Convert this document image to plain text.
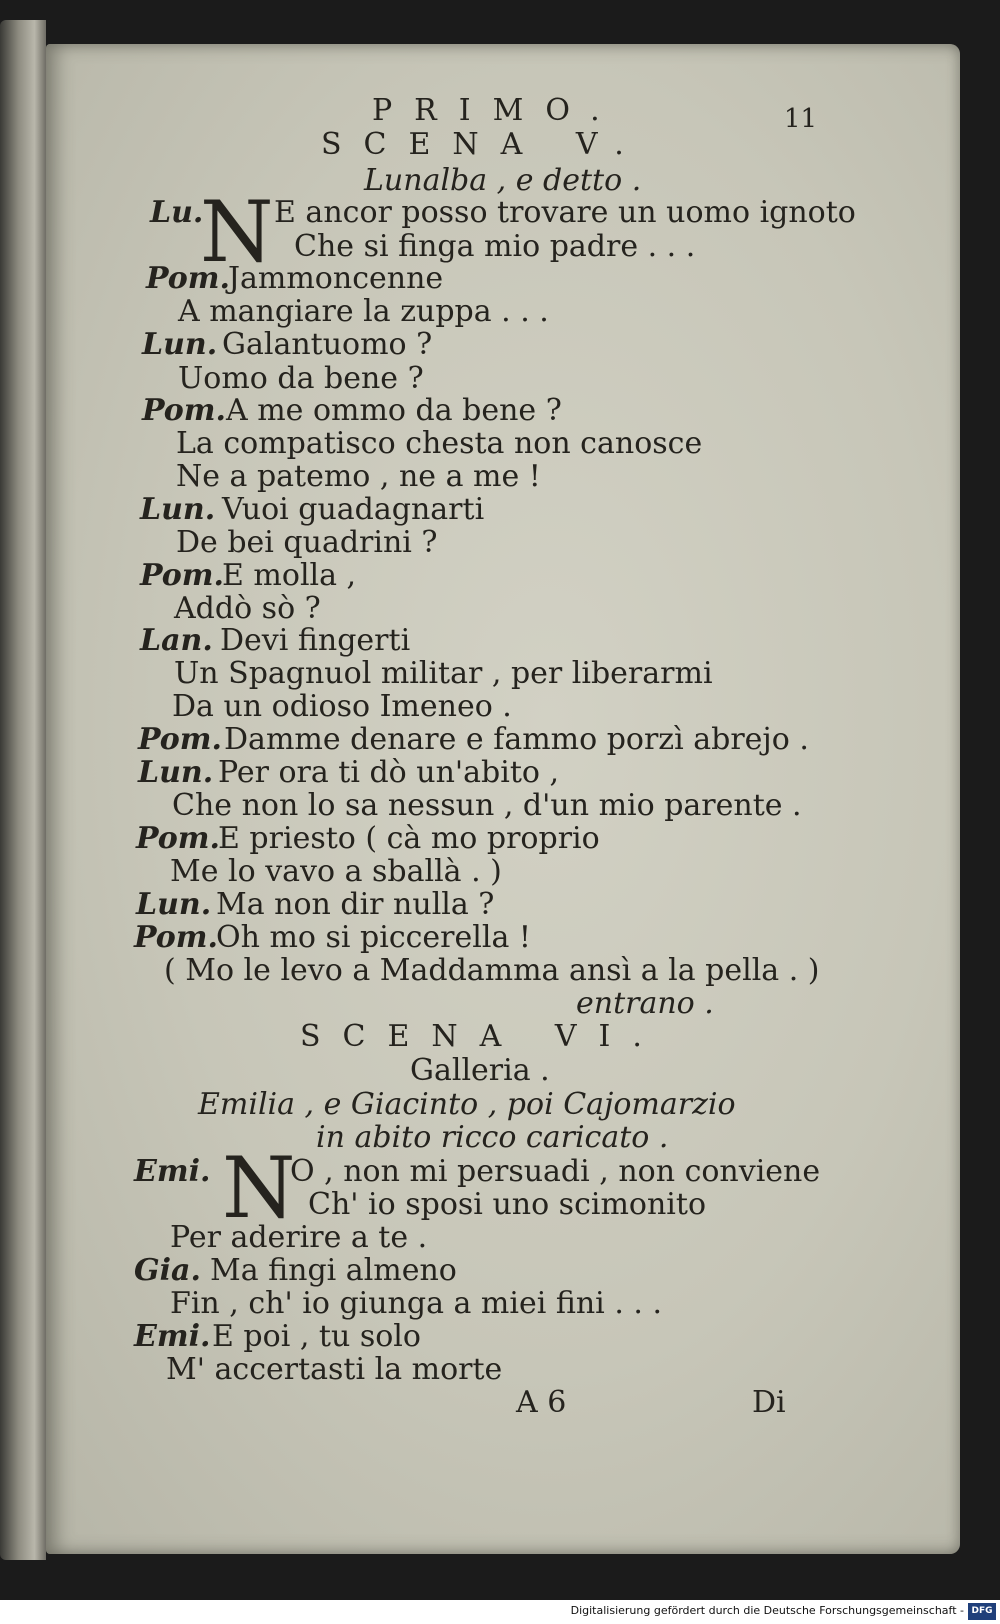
PRIMO.	11
SCENA V.
Lunalba , e detto .
N
Lu. E ancor posso trovare un uomo ignoto
Che si finga mio padre . . .
Pom.
Jammoncenne
A mangiare la zuppa . . .
Lun. Galantuomo ?
Uomo da bene ?
Pom. A me ommo da bene ?
La compatisco chesta non canosce
Ne a patemo , ne a me !
Lun. Vuoi guadagnarti
De bei quadrini ?
Pom.
E molla ,
Addò sò ?
Lan. Devi fingerti
Un Spagnuol militar , per liberarmi
Da un odioso Imeneo .
Pom. Damme denare e fammo porzì abrejo .
Lun. Per ora ti dò un'abito ,
Che non lo sa nessun , d'un mio parente .
Pom.
E priesto ( cà mo proprio
Me lo vavo a sballà . )
Lun. Ma non dir nulla ?
Pom.
Oh mo si piccerella !
( Mo le levo a Maddamma ansì a la pella . )
entrano .
SCENA VI.
Galleria .
Emilia , e Giacinto , poi Cajomarzio
in abito ricco caricato .
N
Emi.	O , non mi persuadi , non conviene
Ch' io sposi uno scimonito
Per aderire a te .
Gia. Ma fingi almeno
Fin , ch' io giunga a miei fini . . .
Emi. E poi , tu solo
M' accertasti la morte
A 6	Di
Digitalisierung gefördert durch die Deutsche Forschungsgemeinschaft - DFG
